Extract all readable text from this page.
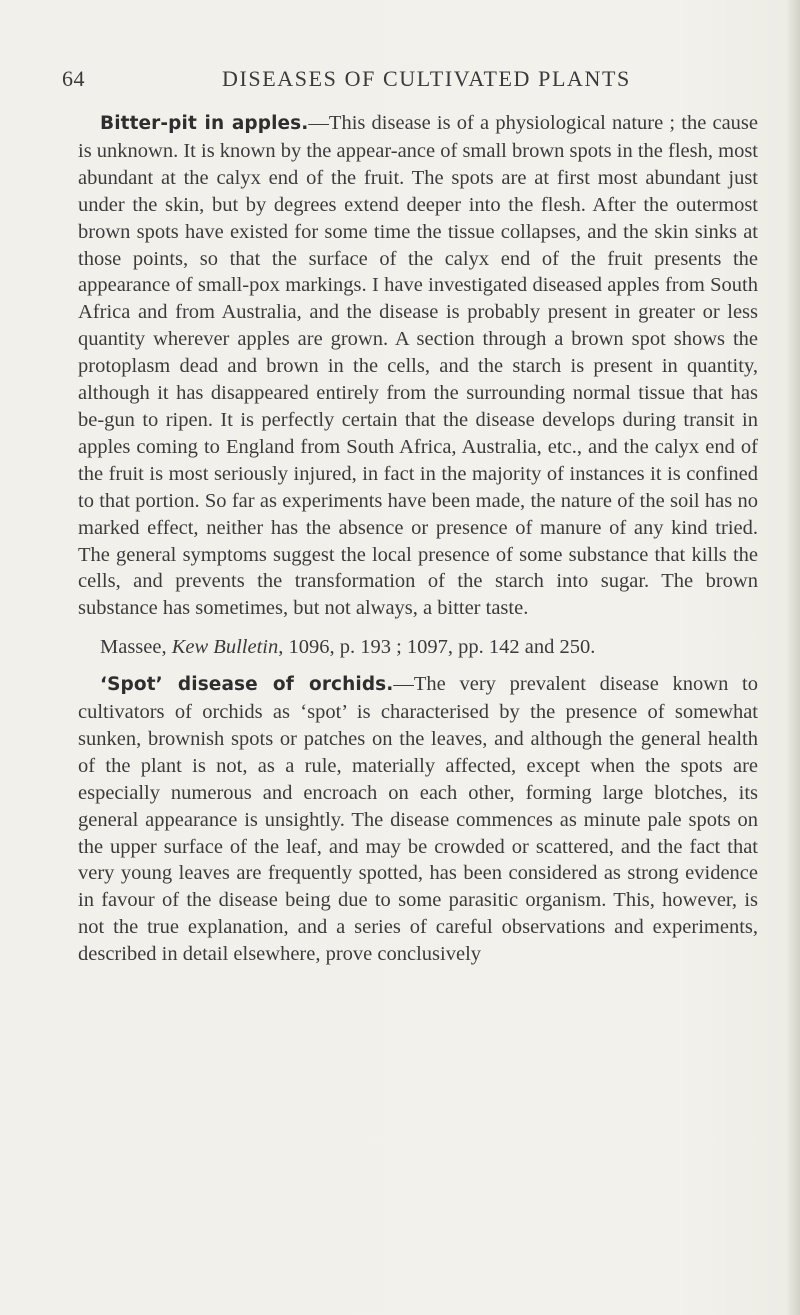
64	DISEASES OF CULTIVATED PLANTS

Bitter-pit in apples.—This disease is of a physiological nature ; the cause is unknown. It is known by the appear-ance of small brown spots in the flesh, most abundant at the calyx end of the fruit. The spots are at first most abundant just under the skin, but by degrees extend deeper into the flesh. After the outermost brown spots have existed for some time the tissue collapses, and the skin sinks at those points, so that the surface of the calyx end of the fruit presents the appearance of small-pox markings. I have investigated diseased apples from South Africa and from Australia, and the disease is probably present in greater or less quantity wherever apples are grown. A section through a brown spot shows the protoplasm dead and brown in the cells, and the starch is present in quantity, although it has disappeared entirely from the surrounding normal tissue that has be-gun to ripen. It is perfectly certain that the disease develops during transit in apples coming to England from South Africa, Australia, etc., and the calyx end of the fruit is most seriously injured, in fact in the majority of instances it is confined to that portion. So far as experiments have been made, the nature of the soil has no marked effect, neither has the absence or presence of manure of any kind tried. The general symptoms suggest the local presence of some substance that kills the cells, and prevents the transformation of the starch into sugar. The brown substance has sometimes, but not always, a bitter taste.

Massee, Kew Bulletin, 1096, p. 193 ; 1097, pp. 142 and 250.

‘Spot’ disease of orchids.—The very prevalent disease known to cultivators of orchids as ‘spot’ is characterised by the presence of somewhat sunken, brownish spots or patches on the leaves, and although the general health of the plant is not, as a rule, materially affected, except when the spots are especially numerous and encroach on each other, forming large blotches, its general appearance is unsightly. The disease commences as minute pale spots on the upper surface of the leaf, and may be crowded or scattered, and the fact that very young leaves are frequently spotted, has been considered as strong evidence in favour of the disease being due to some parasitic organism. This, however, is not the true explanation, and a series of careful observations and experiments, described in detail elsewhere, prove conclusively
